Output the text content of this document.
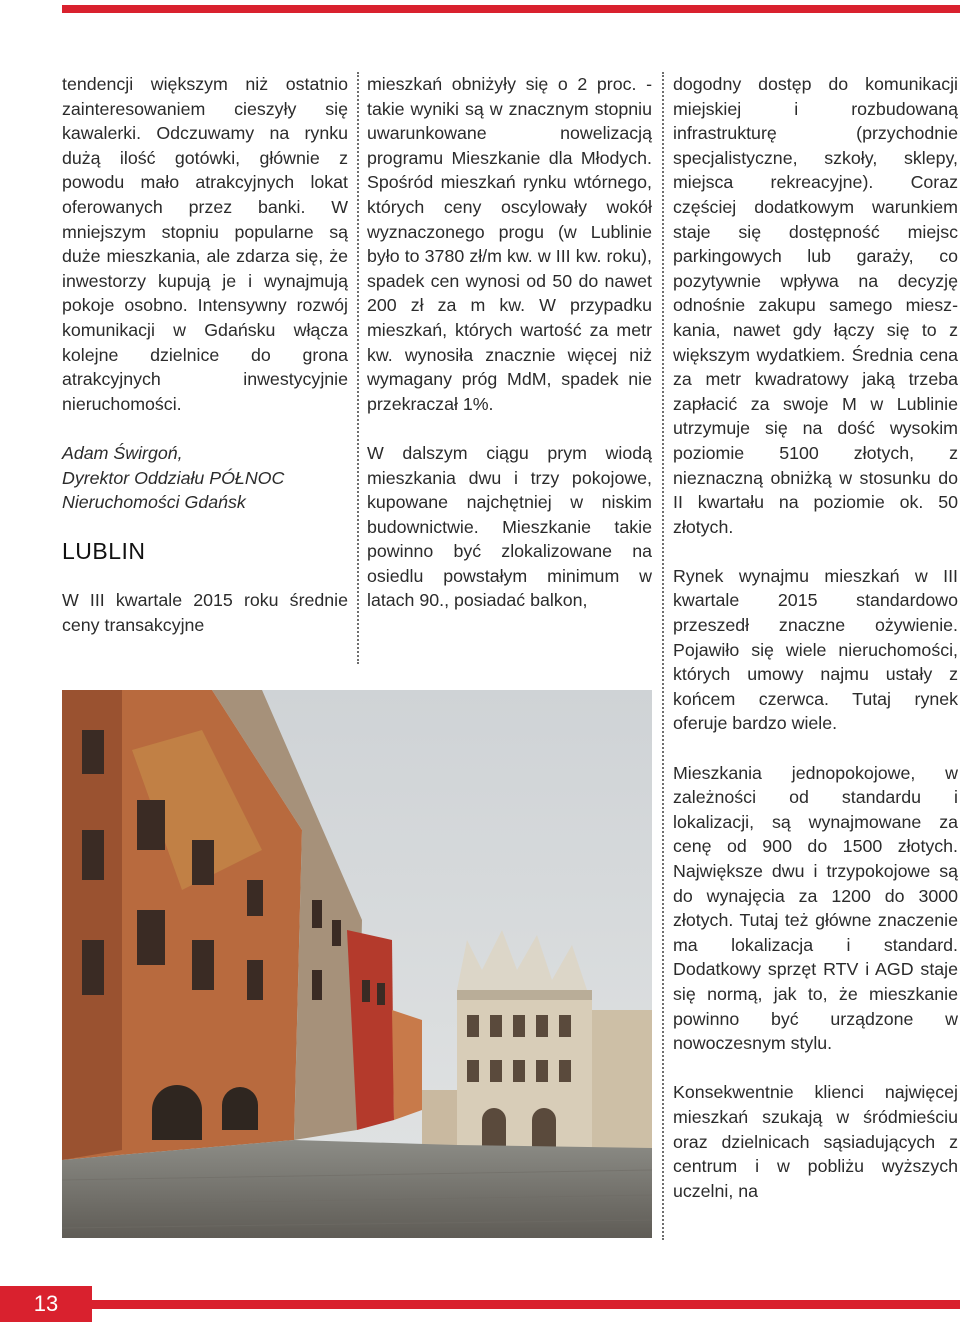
tendencji większym niż ostatnio zainteresowaniem cieszyły się kawalerki. Odczuwamy na rynku dużą ilość gotówki, głównie z powodu mało atrakcyjnych lokat oferowanych przez banki. W mniejszym stopniu popularne są duże mieszkania, ale zdarza się, że inwestorzy kupują je i wynajmują pokoje osobno. Intensywny rozwój komunikacji w Gdańsku włącza kolejne dzielnice do grona atrakcyjnych inwestycyjnie nieruchomości.

Adam Świrgoń,
Dyrektor Oddziału PÓŁNOC
Nieruchomości Gdańsk

LUBLIN

W III kwartale 2015 roku średnie ceny transakcyjne

mieszkań obniżyły się o 2 proc. - takie wyniki są w znacznym stopniu uwarunkowane nowelizacją programu Mieszkanie dla Młodych. Spośród mieszkań rynku wtórnego, których ceny oscylowały wokół wyznaczonego progu (w Lublinie było to 3780 zł/m kw. w III kw. roku), spadek cen wynosi od 50 do nawet 200 zł za m kw. W przypadku mieszkań, których wartość za metr kw. wynosiła znacznie więcej niż wymagany próg MdM, spadek nie przekraczał 1%.

W dalszym ciągu prym wiodą mieszkania dwu i trzy pokojowe, kupowane najchętniej w niskim budownictwie. Mieszkanie takie powinno być zlokalizowane na osiedlu powstałym minimum w latach 90., posiadać balkon,

dogodny dostęp do komunikacji miejskiej i rozbudowaną infrastrukturę (przychodnie specjalistyczne, szkoły, sklepy, miejsca rekreacyjne). Coraz częściej dodatkowym warunkiem staje się dostępność miejsc parkingowych lub garaży, co pozytywnie wpływa na decyzję odnośnie zakupu samego mieszkania, nawet gdy łączy się to z większym wydatkiem. Średnia cena za metr kwadratowy jaką trzeba zapłacić za swoje M w Lublinie utrzymuje się na dość wysokim poziomie 5100 złotych, z nieznaczną obniżką w stosunku do II kwartału na poziomie ok. 50 złotych.

Rynek wynajmu mieszkań w III kwartale 2015 standardowo przeszedł znaczne ożywienie. Pojawiło się wiele nieruchomości, których umowy najmu ustały z końcem czerwca. Tutaj rynek oferuje bardzo wiele.

Mieszkania jednopokojowe, w zależności od standardu i lokalizacji, są wynajmowane za cenę od 900 do 1500 złotych. Największe dwu i trzypokojowe są do wynajęcia za 1200 do 3000 złotych. Tutaj też główne znaczenie ma lokalizacja i standard. Dodatkowy sprzęt RTV i AGD staje się normą, jak to, że mieszkanie powinno być urządzone w nowoczesnym stylu.

Konsekwentnie klienci najwięcej mieszkań szukają w śródmieściu oraz dzielnicach sąsiadujących z centrum i w pobliżu wyższych uczelni, na

13
